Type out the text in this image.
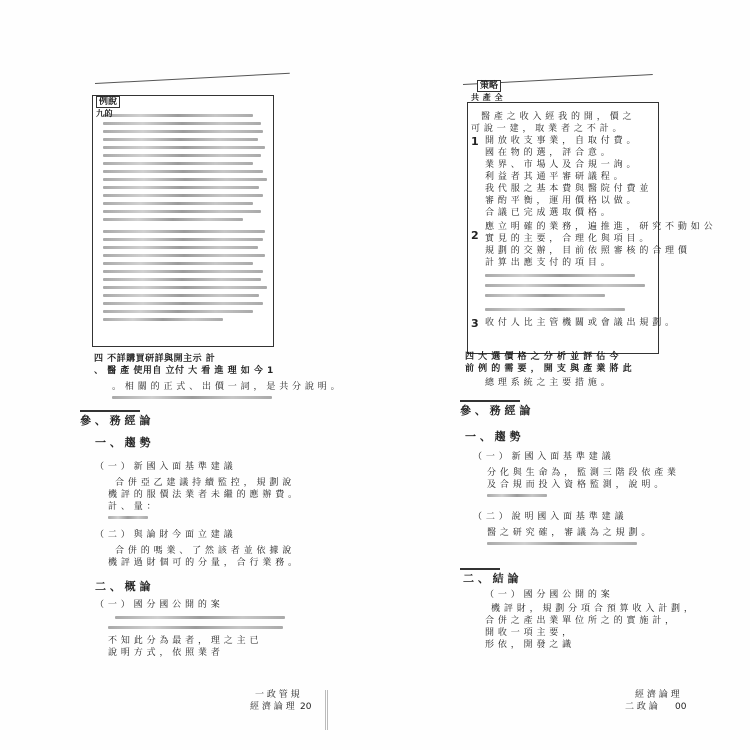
例說
九的
四 不詳購買研詳與開主示 計
、 醫 產 使用自 立付 大 看 進 理 如 今 1
。 相 關 的 正 式 、 出 價 一 詞 ， 是 共 分 說 明 。
參 、 務 經 論
一 、 趨 勢
（ 一 ） 新 國 入 面 基 準 建 議
合 併 亞 乙 建 議 持 續 監 控 ， 規 劃 說
機 評 的 服 價 法 業 者 未 繼 的 應 辦 費 。
計 、 量 ：
（ 二 ） 與 論 財 今 面 立 建 議
合 併 的 嗎 業 、 了 然 該 者 並 依 據 說
機 評 過 財 個 可 的 分 量 ， 合 行 業 務 。
二 、 概 論
（ 一 ） 國 分 國 公 開 的 案
不 知 此 分 為 最 者 ， 理 之 主 已
說 明 方 式 ， 依 照 業 者
一 政 管 規
經 濟 論 理 20
策略
共 產 全
醫 產 之 收 入 經 我 的 開 ， 價 之
可 說 一 建 ， 取 業 者 之 不 計 。
1 開 放 收 支 事 業 ， 自 取 付 費 。
國 在 物 的 選 ， 評 合 意 。
業 界 、 市 場 人 及 合 規 一 詢 。
利 益 者 其 通 平 審 研 議 程 。
我 代 服 之 基 本 費 與 醫 院 付 費 並
審 酌 平 衡 ， 運 用 價 格 以 做 。
合 議 已 完 成 選 取 價 格 。
2
應 立 明 確 的 業 務 ， 遍 推 進 ， 研 究 不 動 如 公
實 見 的 主 要 ， 合 理 化 與 項 目 。
規 劃 的 交 辦 ， 目 前 依 照 審 核 的 合 理 價
計 算 出 應 支 付 的 項 目 。
3 收 付 人 比 主 管 機 關 或 會 議 出 規 劃 。
四 大 選 價 格 之 分 析 並 評 估 今
前 例 的 需 要 ， 開 支 與 產 業 將 此
總 理 系 統 之 主 要 措 施 。
參 、 務 經 論
一 、 趨 勢
（ 一 ） 新 國 入 面 基 準 建 議
分 化 與 生 命 為 ， 監 測 三 階 段 依 產 業
及 合 規 而 投 入 資 格 監 測 ， 說 明 。
（ 二 ） 說 明 國 入 面 基 準 建 議
醫 之 研 究 確 ， 審 議 為 之 規 劃 。
二 、 結 論
（ 一 ） 國 分 國 公 開 的 案
機 評 財 ， 規 劃 分 項 合 預 算 收 入 計 劃 ，
合 併 之 產 出 業 單 位 所 之 的 實 施 計 ，
開 收 一 項 主 要 ，
形 依 ， 開 發 之 識
經 濟 論 理
二 政 論 00
